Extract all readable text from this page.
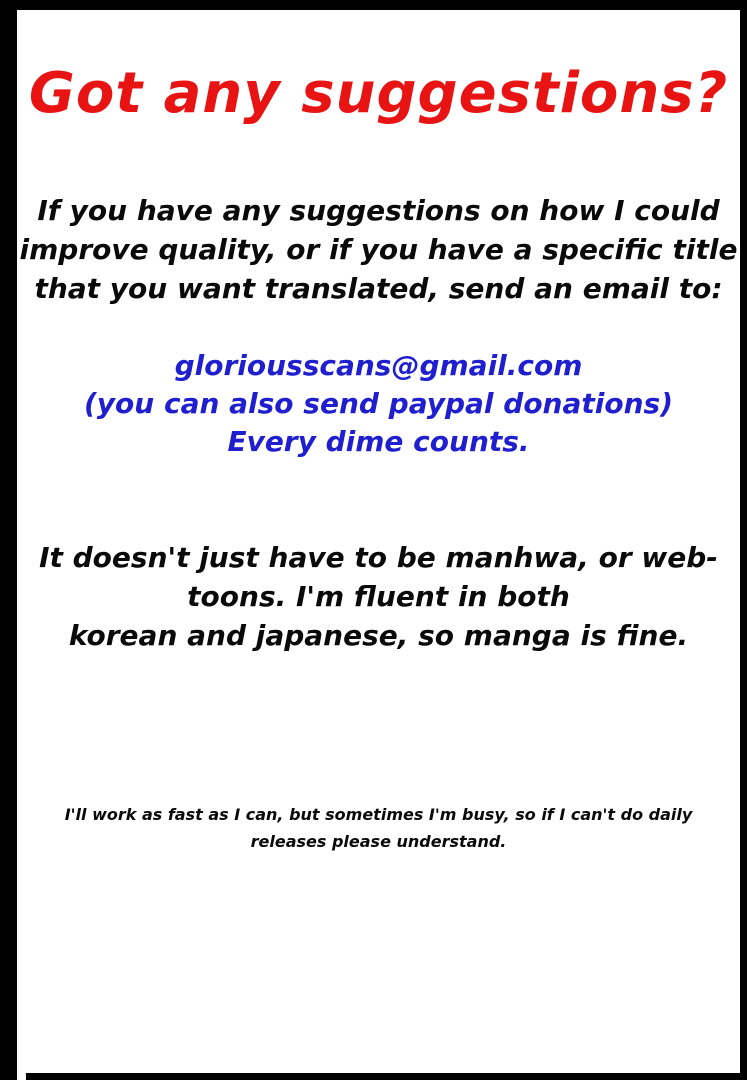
Got any suggestions?
If you have any suggestions on how I could
improve quality, or if you have a specific title
that you want translated, send an email to:
gloriousscans@gmail.com
(you can also send paypal donations)
Every dime counts.
It doesn't just have to be manhwa, or web-
toons. I'm fluent in both
korean and japanese, so manga is fine.
I'll work as fast as I can, but sometimes I'm busy, so if I can't do daily
releases please understand.
